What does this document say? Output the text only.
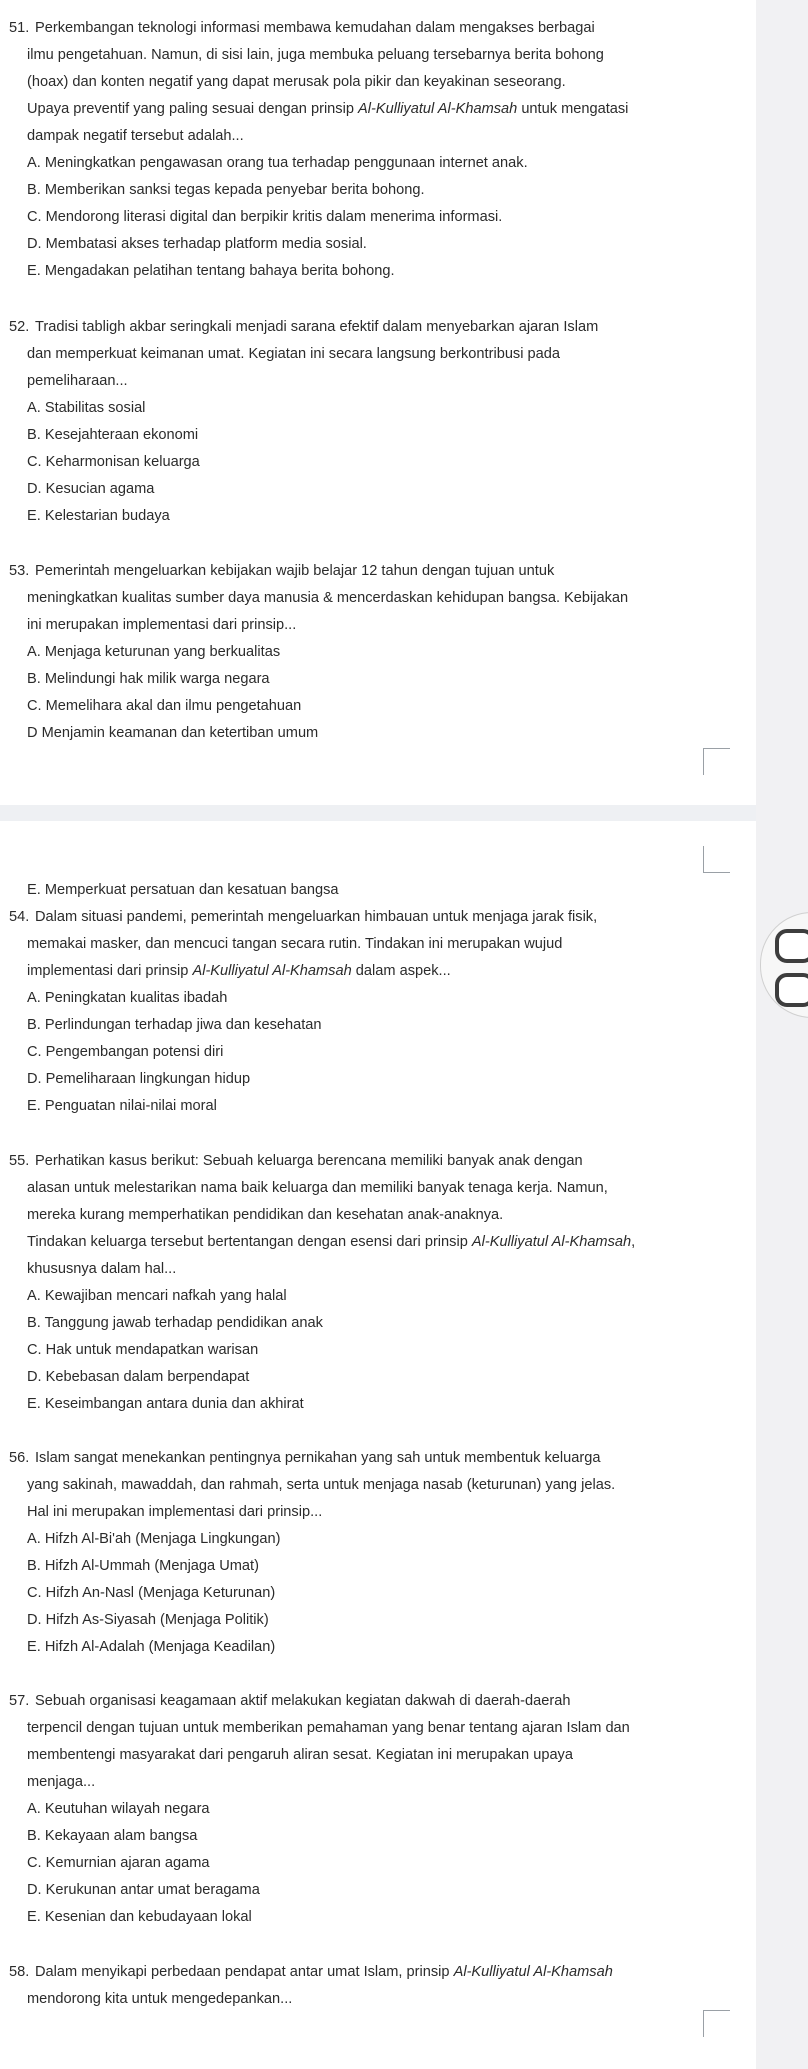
51. Perkembangan teknologi informasi membawa kemudahan dalam mengakses berbagai
ilmu pengetahuan. Namun, di sisi lain, juga membuka peluang tersebarnya berita bohong
(hoax) dan konten negatif yang dapat merusak pola pikir dan keyakinan seseorang.
Upaya preventif yang paling sesuai dengan prinsip Al-Kulliyatul Al-Khamsah untuk mengatasi
dampak negatif tersebut adalah...
A. Meningkatkan pengawasan orang tua terhadap penggunaan internet anak.
B. Memberikan sanksi tegas kepada penyebar berita bohong.
C. Mendorong literasi digital dan berpikir kritis dalam menerima informasi.
D. Membatasi akses terhadap platform media sosial.
E. Mengadakan pelatihan tentang bahaya berita bohong.
52. Tradisi tabligh akbar seringkali menjadi sarana efektif dalam menyebarkan ajaran Islam
dan memperkuat keimanan umat. Kegiatan ini secara langsung berkontribusi pada
pemeliharaan...
A. Stabilitas sosial
B. Kesejahteraan ekonomi
C. Keharmonisan keluarga
D. Kesucian agama
E. Kelestarian budaya
53. Pemerintah mengeluarkan kebijakan wajib belajar 12 tahun dengan tujuan untuk
meningkatkan kualitas sumber daya manusia & mencerdaskan kehidupan bangsa. Kebijakan
ini merupakan implementasi dari prinsip...
A. Menjaga keturunan yang berkualitas
B. Melindungi hak milik warga negara
C. Memelihara akal dan ilmu pengetahuan
D Menjamin keamanan dan ketertiban umum
E. Memperkuat persatuan dan kesatuan bangsa
54. Dalam situasi pandemi, pemerintah mengeluarkan himbauan untuk menjaga jarak fisik,
memakai masker, dan mencuci tangan secara rutin. Tindakan ini merupakan wujud
implementasi dari prinsip Al-Kulliyatul Al-Khamsah dalam aspek...
A. Peningkatan kualitas ibadah
B. Perlindungan terhadap jiwa dan kesehatan
C. Pengembangan potensi diri
D. Pemeliharaan lingkungan hidup
E. Penguatan nilai-nilai moral
55. Perhatikan kasus berikut: Sebuah keluarga berencana memiliki banyak anak dengan
alasan untuk melestarikan nama baik keluarga dan memiliki banyak tenaga kerja. Namun,
mereka kurang memperhatikan pendidikan dan kesehatan anak-anaknya.
Tindakan keluarga tersebut bertentangan dengan esensi dari prinsip Al-Kulliyatul Al-Khamsah,
khususnya dalam hal...
A. Kewajiban mencari nafkah yang halal
B. Tanggung jawab terhadap pendidikan anak
C. Hak untuk mendapatkan warisan
D. Kebebasan dalam berpendapat
E. Keseimbangan antara dunia dan akhirat
56. Islam sangat menekankan pentingnya pernikahan yang sah untuk membentuk keluarga
yang sakinah, mawaddah, dan rahmah, serta untuk menjaga nasab (keturunan) yang jelas.
Hal ini merupakan implementasi dari prinsip...
A. Hifzh Al-Bi'ah (Menjaga Lingkungan)
B. Hifzh Al-Ummah (Menjaga Umat)
C. Hifzh An-Nasl (Menjaga Keturunan)
D. Hifzh As-Siyasah (Menjaga Politik)
E. Hifzh Al-Adalah (Menjaga Keadilan)
57. Sebuah organisasi keagamaan aktif melakukan kegiatan dakwah di daerah-daerah
terpencil dengan tujuan untuk memberikan pemahaman yang benar tentang ajaran Islam dan
membentengi masyarakat dari pengaruh aliran sesat. Kegiatan ini merupakan upaya
menjaga...
A. Keutuhan wilayah negara
B. Kekayaan alam bangsa
C. Kemurnian ajaran agama
D. Kerukunan antar umat beragama
E. Kesenian dan kebudayaan lokal
58. Dalam menyikapi perbedaan pendapat antar umat Islam, prinsip Al-Kulliyatul Al-Khamsah
mendorong kita untuk mengedepankan...
